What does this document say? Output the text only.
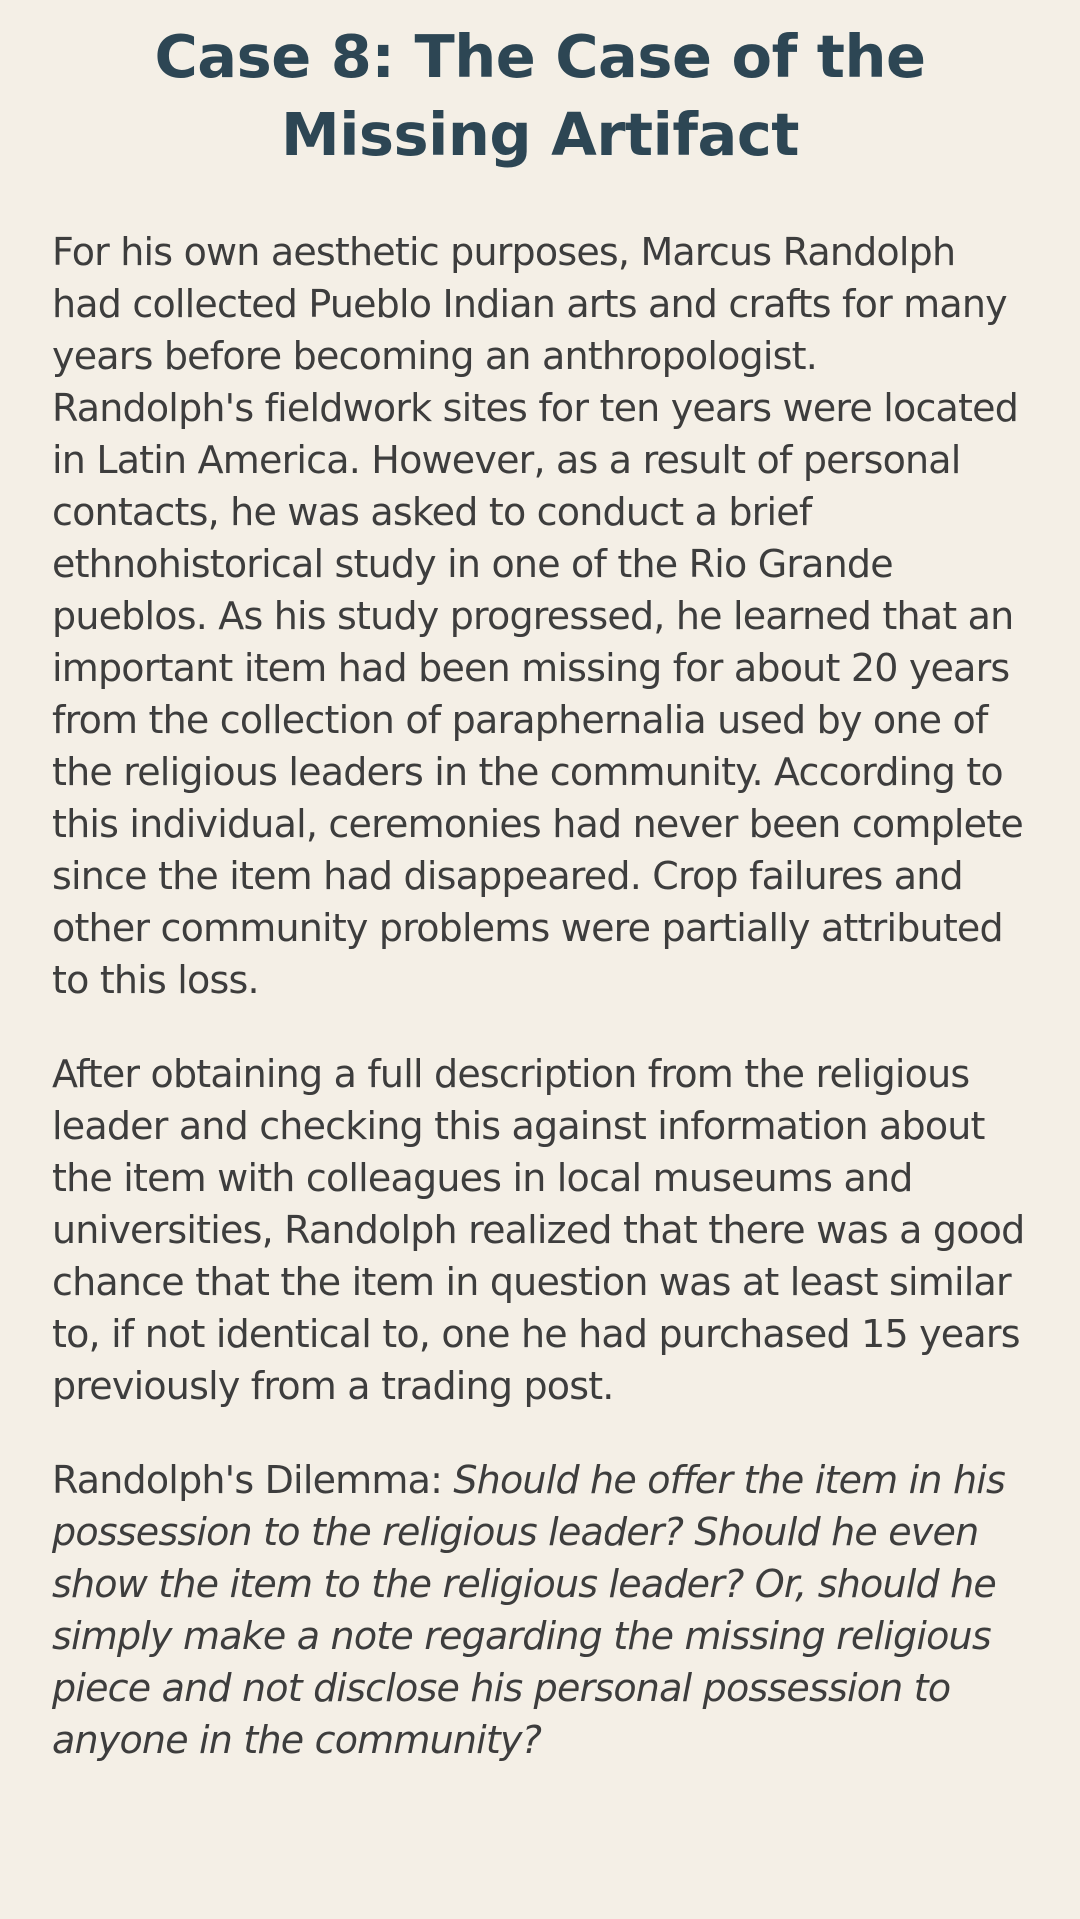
Case 8: The Case of the Missing Artifact

For his own aesthetic purposes, Marcus Randolph had collected Pueblo Indian arts and crafts for many years before becoming an anthropologist. Randolph's fieldwork sites for ten years were located in Latin America. However, as a result of personal contacts, he was asked to conduct a brief ethnohistorical study in one of the Rio Grande pueblos. As his study progressed, he learned that an important item had been missing for about 20 years from the collection of paraphernalia used by one of the religious leaders in the community. According to this individual, ceremonies had never been complete since the item had disappeared. Crop failures and other community problems were partially attributed to this loss.

After obtaining a full description from the religious leader and checking this against information about the item with colleagues in local museums and universities, Randolph realized that there was a good chance that the item in question was at least similar to, if not identical to, one he had purchased 15 years previously from a trading post.

Randolph's Dilemma: Should he offer the item in his possession to the religious leader? Should he even show the item to the religious leader? Or, should he simply make a note regarding the missing religious piece and not disclose his personal possession to anyone in the community?
